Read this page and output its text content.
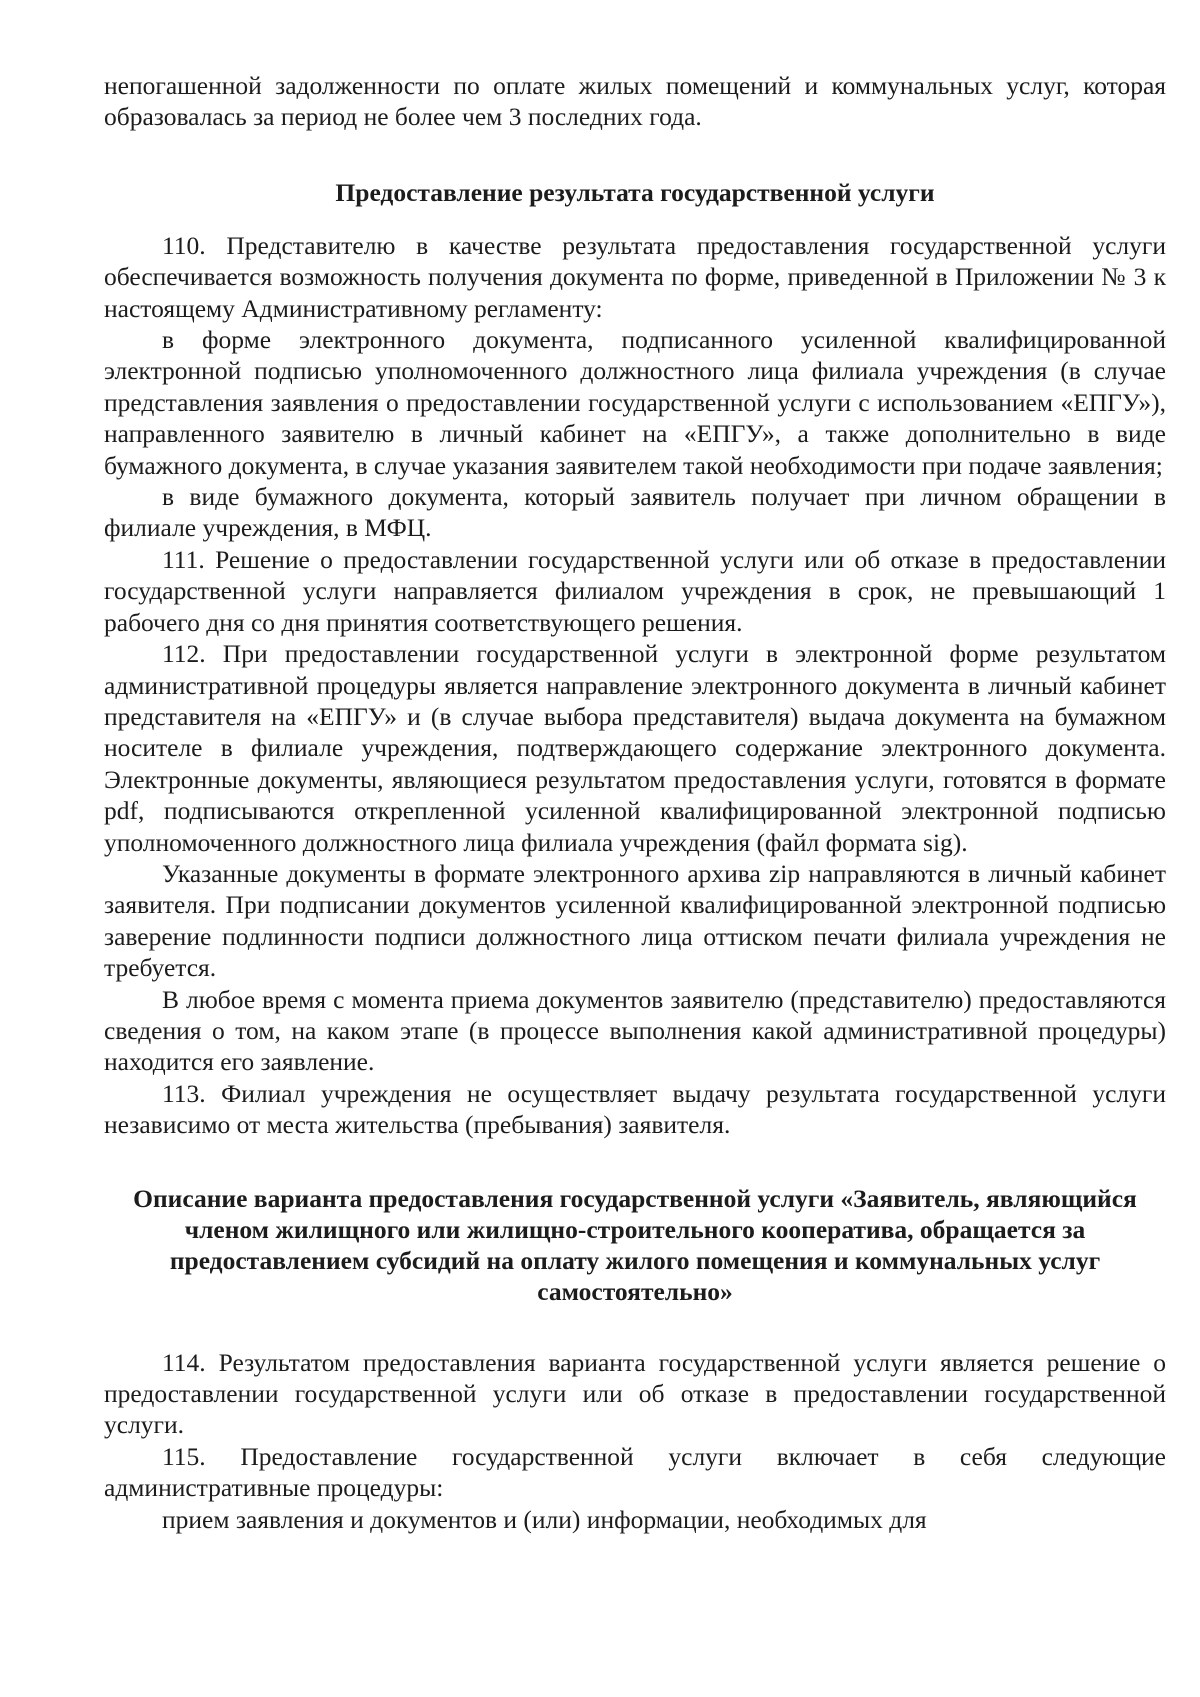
непогашенной задолженности по оплате жилых помещений и коммунальных услуг, которая образовалась за период не более чем 3 последних года.

Предоставление результата государственной услуги

110. Представителю в качестве результата предоставления государственной услуги обеспечивается возможность получения документа по форме, приведенной в Приложении № 3 к настоящему Административному регламенту:

в форме электронного документа, подписанного усиленной квалифицированной электронной подписью уполномоченного должностного лица филиала учреждения (в случае представления заявления о предоставлении государственной услуги с использованием «ЕПГУ»), направленного заявителю в личный кабинет на «ЕПГУ», а также дополнительно в виде бумажного документа, в случае указания заявителем такой необходимости при подаче заявления;

в виде бумажного документа, который заявитель получает при личном обращении в филиале учреждения, в МФЦ.

111. Решение о предоставлении государственной услуги или об отказе в предоставлении государственной услуги направляется филиалом учреждения в срок, не превышающий 1 рабочего дня со дня принятия соответствующего решения.

112. При предоставлении государственной услуги в электронной форме результатом административной процедуры является направление электронного документа в личный кабинет представителя на «ЕПГУ» и (в случае выбора представителя) выдача документа на бумажном носителе в филиале учреждения, подтверждающего содержание электронного документа. Электронные документы, являющиеся результатом предоставления услуги, готовятся в формате pdf, подписываются открепленной усиленной квалифицированной электронной подписью уполномоченного должностного лица филиала учреждения (файл формата sig).

Указанные документы в формате электронного архива zip направляются в личный кабинет заявителя. При подписании документов усиленной квалифицированной электронной подписью заверение подлинности подписи должностного лица оттиском печати филиала учреждения не требуется.

В любое время с момента приема документов заявителю (представителю) предоставляются сведения о том, на каком этапе (в процессе выполнения какой административной процедуры) находится его заявление.

113. Филиал учреждения не осуществляет выдачу результата государственной услуги независимо от места жительства (пребывания) заявителя.

Описание варианта предоставления государственной услуги «Заявитель, являющийся членом жилищного или жилищно-строительного кооператива, обращается за предоставлением субсидий на оплату жилого помещения и коммунальных услуг самостоятельно»

114. Результатом предоставления варианта государственной услуги является решение о предоставлении государственной услуги или об отказе в предоставлении государственной услуги.

115. Предоставление государственной услуги включает в себя следующие административные процедуры:

прием заявления и документов и (или) информации, необходимых для
